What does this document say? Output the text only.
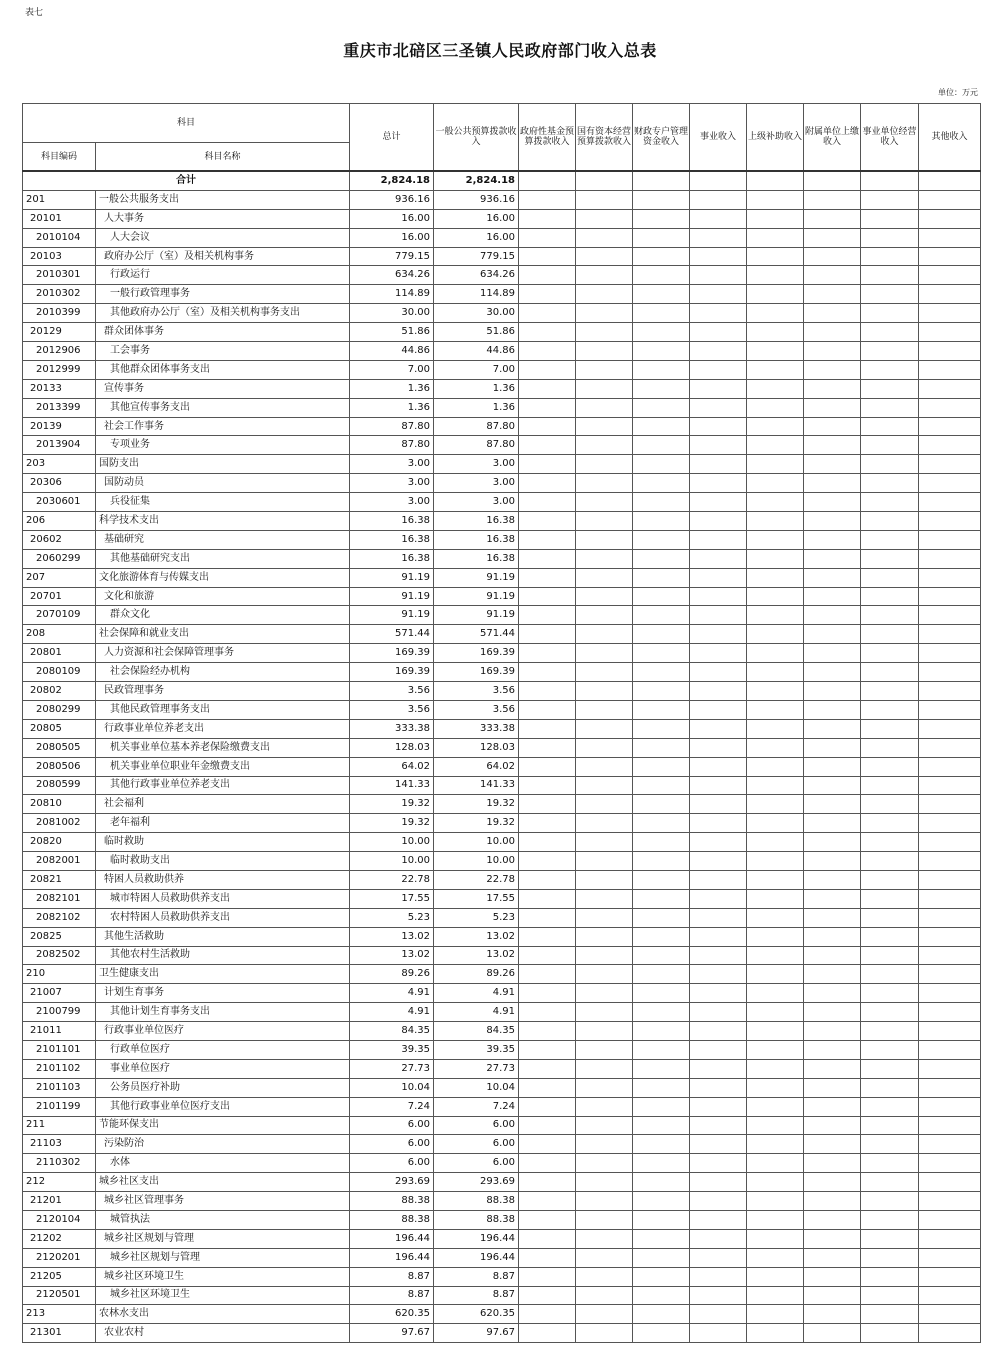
表七
重庆市北碚区三圣镇人民政府部门收入总表
单位：万元
科目		总计	一般公共预算拨款收入	政府性基金预算拨款收入	国有资本经营预算拨款收入	财政专户管理资金收入	事业收入	上级补助收入	附属单位上缴收入	事业单位经营收入	其他收入
科目编码	科目名称										
合计		2,824.18	2,824.18								
201	一般公共服务支出	936.16	936.16								
20101	人大事务	16.00	16.00								
2010104	人大会议	16.00	16.00								
20103	政府办公厅（室）及相关机构事务	779.15	779.15								
2010301	行政运行	634.26	634.26								
2010302	一般行政管理事务	114.89	114.89								
2010399	其他政府办公厅（室）及相关机构事务支出	30.00	30.00								
20129	群众团体事务	51.86	51.86								
2012906	工会事务	44.86	44.86								
2012999	其他群众团体事务支出	7.00	7.00								
20133	宣传事务	1.36	1.36								
2013399	其他宣传事务支出	1.36	1.36								
20139	社会工作事务	87.80	87.80								
2013904	专项业务	87.80	87.80								
203	国防支出	3.00	3.00								
20306	国防动员	3.00	3.00								
2030601	兵役征集	3.00	3.00								
206	科学技术支出	16.38	16.38								
20602	基础研究	16.38	16.38								
2060299	其他基础研究支出	16.38	16.38								
207	文化旅游体育与传媒支出	91.19	91.19								
20701	文化和旅游	91.19	91.19								
2070109	群众文化	91.19	91.19								
208	社会保障和就业支出	571.44	571.44								
20801	人力资源和社会保障管理事务	169.39	169.39								
2080109	社会保险经办机构	169.39	169.39								
20802	民政管理事务	3.56	3.56								
2080299	其他民政管理事务支出	3.56	3.56								
20805	行政事业单位养老支出	333.38	333.38								
2080505	机关事业单位基本养老保险缴费支出	128.03	128.03								
2080506	机关事业单位职业年金缴费支出	64.02	64.02								
2080599	其他行政事业单位养老支出	141.33	141.33								
20810	社会福利	19.32	19.32								
2081002	老年福利	19.32	19.32								
20820	临时救助	10.00	10.00								
2082001	临时救助支出	10.00	10.00								
20821	特困人员救助供养	22.78	22.78								
2082101	城市特困人员救助供养支出	17.55	17.55								
2082102	农村特困人员救助供养支出	5.23	5.23								
20825	其他生活救助	13.02	13.02								
2082502	其他农村生活救助	13.02	13.02								
210	卫生健康支出	89.26	89.26								
21007	计划生育事务	4.91	4.91								
2100799	其他计划生育事务支出	4.91	4.91								
21011	行政事业单位医疗	84.35	84.35								
2101101	行政单位医疗	39.35	39.35								
2101102	事业单位医疗	27.73	27.73								
2101103	公务员医疗补助	10.04	10.04								
2101199	其他行政事业单位医疗支出	7.24	7.24								
211	节能环保支出	6.00	6.00								
21103	污染防治	6.00	6.00								
2110302	水体	6.00	6.00								
212	城乡社区支出	293.69	293.69								
21201	城乡社区管理事务	88.38	88.38								
2120104	城管执法	88.38	88.38								
21202	城乡社区规划与管理	196.44	196.44								
2120201	城乡社区规划与管理	196.44	196.44								
21205	城乡社区环境卫生	8.87	8.87								
2120501	城乡社区环境卫生	8.87	8.87								
213	农林水支出	620.35	620.35								
21301	农业农村	97.67	97.67								
